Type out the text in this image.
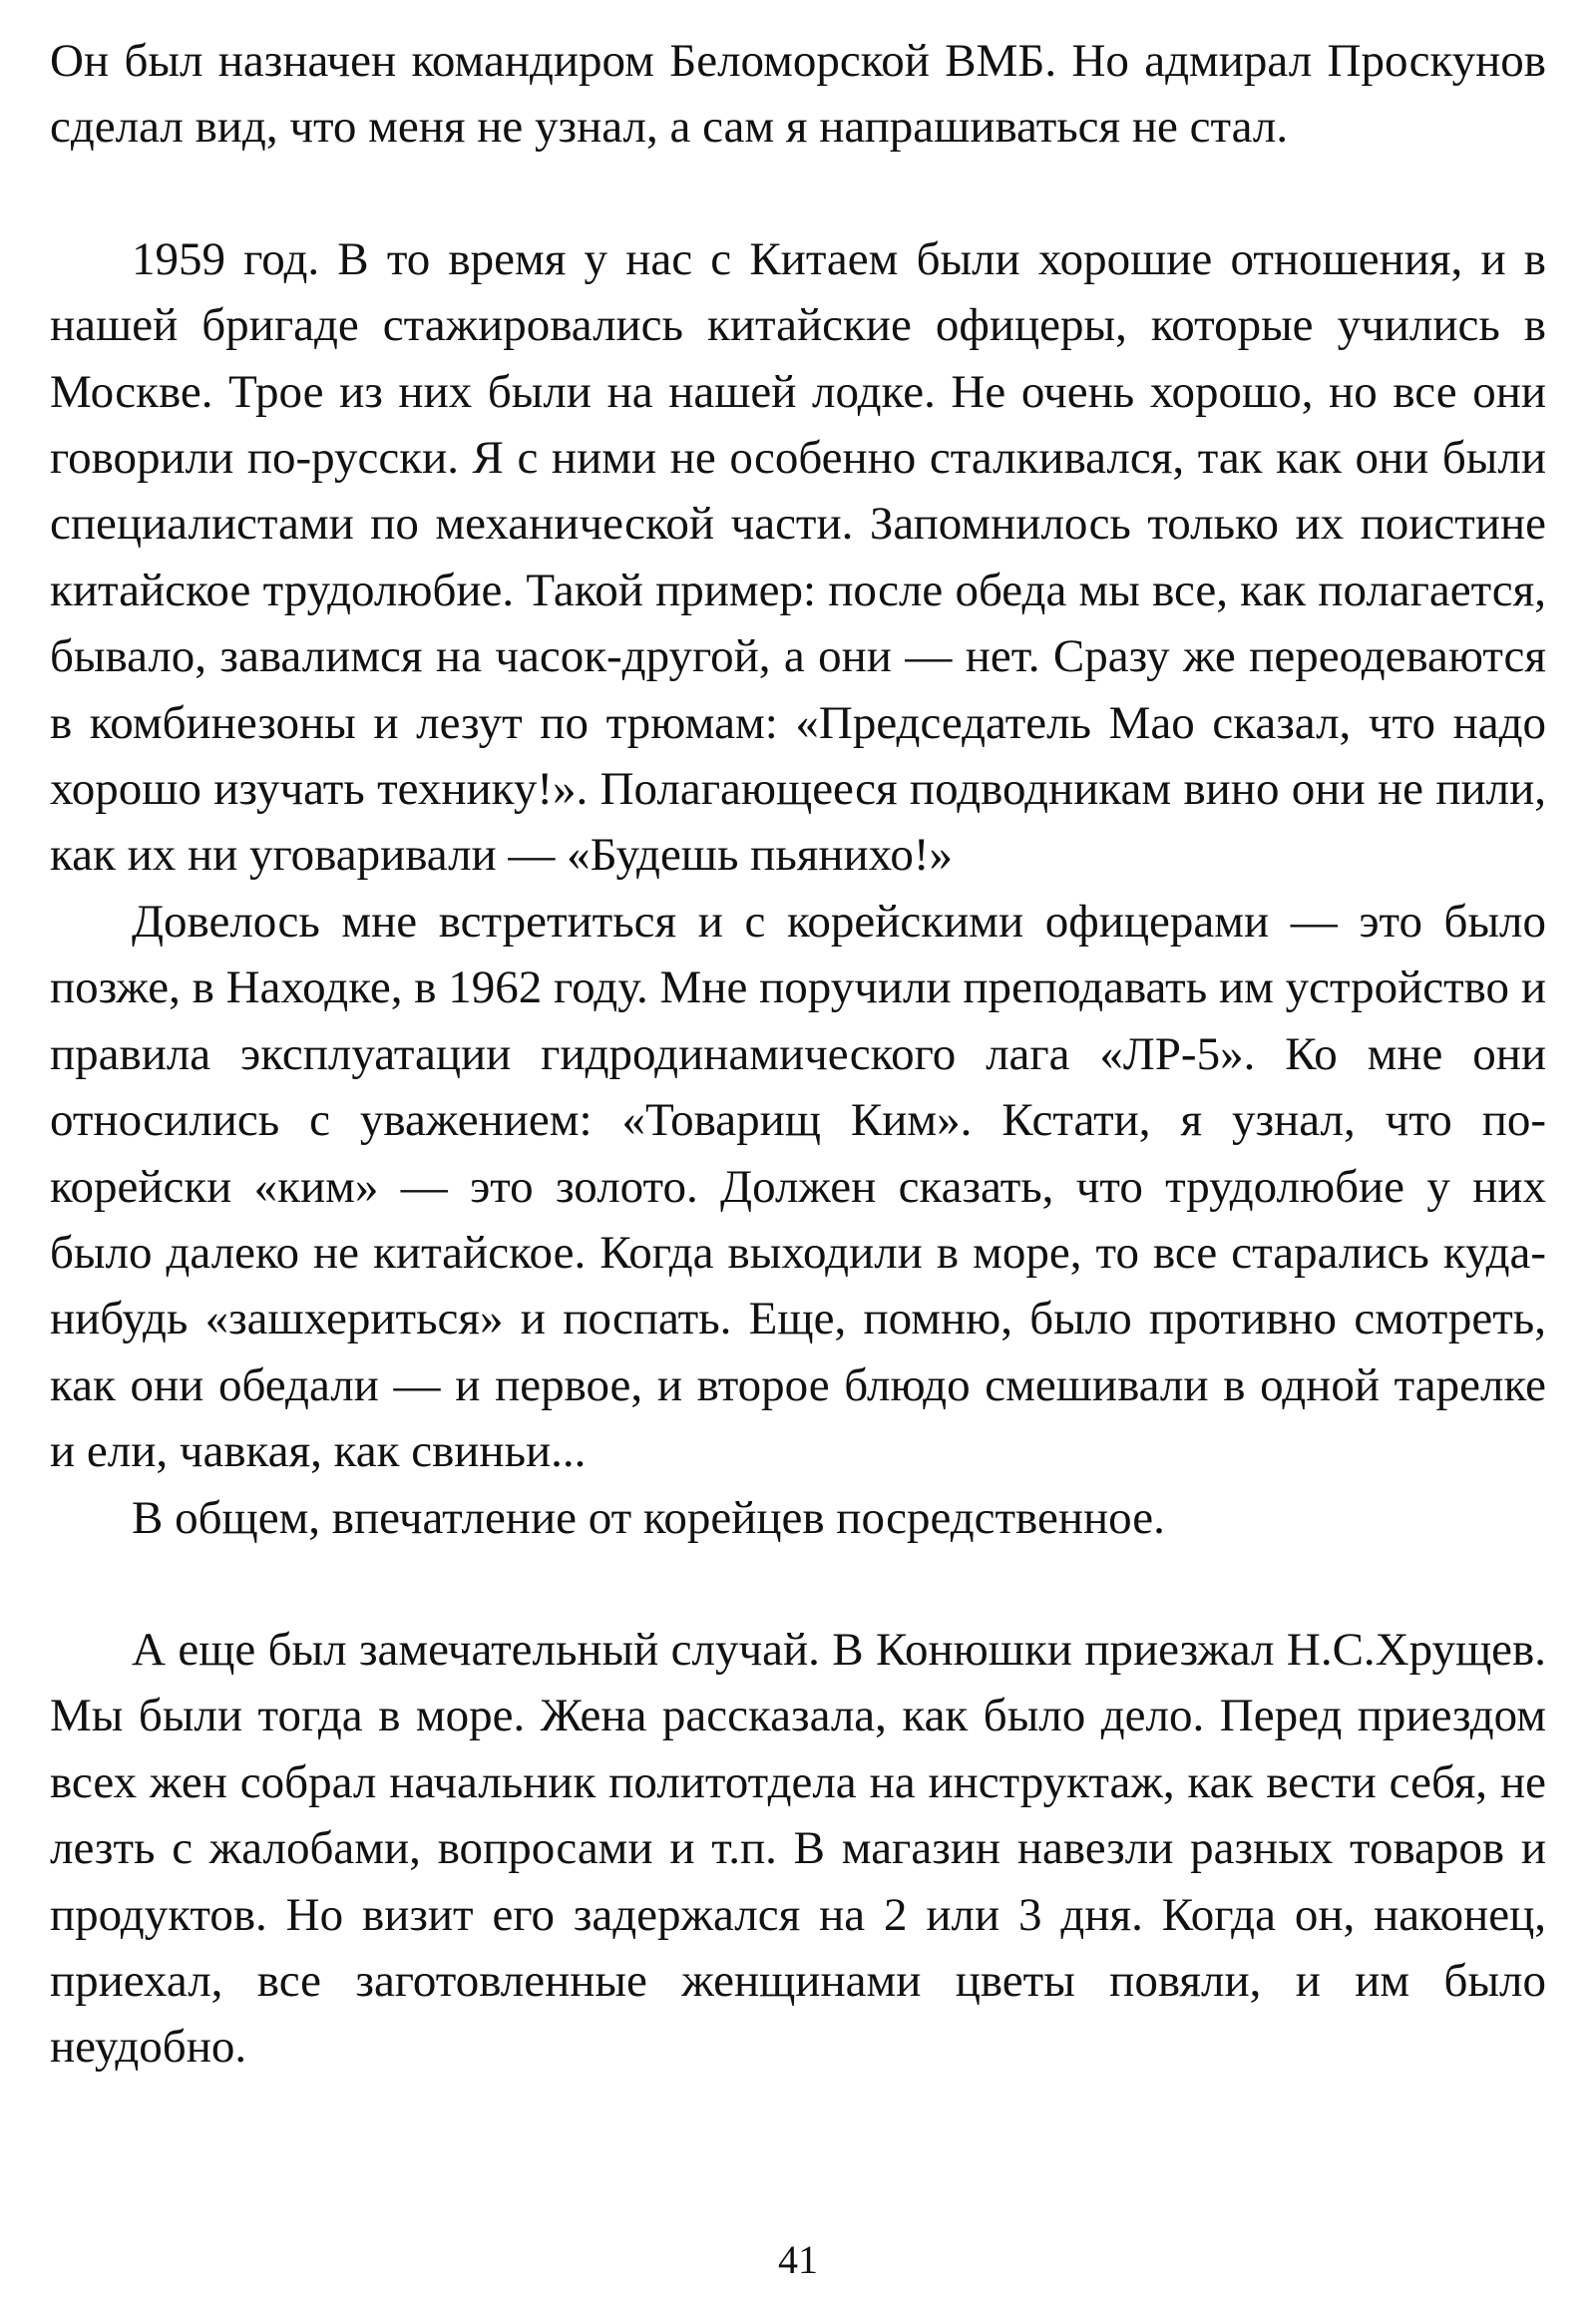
Он был назначен командиром Беломорской ВМБ. Но адмирал Проскунов сделал вид, что меня не узнал, а сам я напрашиваться не стал.

1959 год. В то время у нас с Китаем были хорошие отношения, и в нашей бригаде стажировались китайские офицеры, которые учились в Москве. Трое из них были на нашей лодке. Не очень хорошо, но все они говорили по-русски. Я с ними не особенно сталкивался, так как они были специалистами по механической части. Запомнилось только их поистине китайское трудолюбие. Такой пример: после обеда мы все, как полагается, бывало, завалимся на часок-другой, а они — нет. Сразу же переодеваются в комбинезоны и лезут по трюмам: «Председатель Мао сказал, что надо хорошо изучать технику!». Полагающееся подводникам вино они не пили, как их ни уговаривали — «Будешь пьянихо!»

Довелось мне встретиться и с корейскими офицерами — это было позже, в Находке, в 1962 году. Мне поручили преподавать им устройство и правила эксплуатации гидродинамического лага «ЛР-5». Ко мне они относились с уважением: «Товарищ Ким». Кстати, я узнал, что по-корейски «ким» — это золото. Должен сказать, что трудолюбие у них было далеко не китайское. Когда выходили в море, то все старались куда-нибудь «зашхериться» и поспать. Еще, помню, было противно смотреть, как они обедали — и первое, и второе блюдо смешивали в одной тарелке и ели, чавкая, как свиньи...

В общем, впечатление от корейцев посредственное.

А еще был замечательный случай. В Конюшки приезжал Н.С.Хрущев. Мы были тогда в море. Жена рассказала, как было дело. Перед приездом всех жен собрал начальник политотдела на инструктаж, как вести себя, не лезть с жалобами, вопросами и т.п. В магазин навезли разных товаров и продуктов. Но визит его задержался на 2 или 3 дня. Когда он, наконец, приехал, все заготовленные женщинами цветы повяли, и им было неудобно.

41
